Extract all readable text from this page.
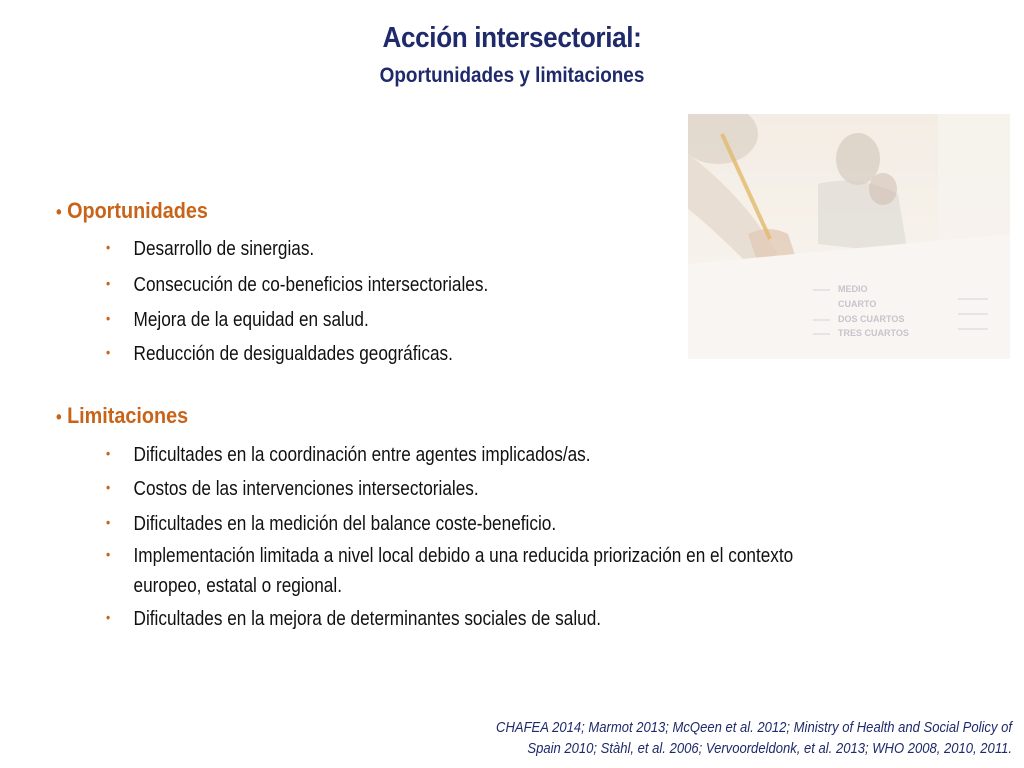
Acción intersectorial:
Oportunidades y limitaciones
MEDIO
CUARTO
DOS CUARTOS
TRES CUARTOS
• Oportunidades
• Desarrollo de sinergias.
• Consecución de co-beneficios intersectoriales.
• Mejora de la equidad en salud.
• Reducción de desigualdades geográficas.
• Limitaciones
• Dificultades en la coordinación entre agentes implicados/as.
• Costos de las intervenciones intersectoriales.
• Dificultades en la medición del balance coste-beneficio.
• Implementación limitada a nivel local debido a una reducida priorización en el contexto
europeo, estatal o regional.
• Dificultades en la mejora de determinantes sociales de salud.
CHAFEA 2014; Marmot 2013; McQeen et al. 2012; Ministry of Health and Social Policy of
Spain 2010; Stàhl, et al. 2006; Vervoordeldonk, et al. 2013; WHO 2008, 2010, 2011.
